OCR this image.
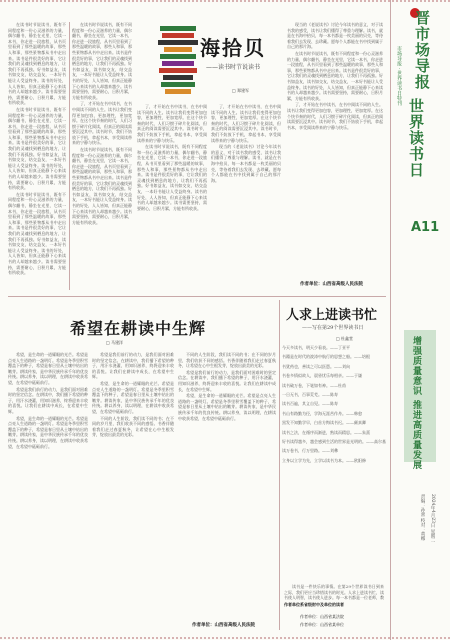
在读书时节说读书，既有不同程度和一份心灵滋养的力量，偶尔翻书，静坐在光里，它读一本书，你走进一段旅程，从书页里看到了那些温暖的故事，那些人和事，那些景物都从书中走出来。读书是件很美好的事，它让我们的灵魂找到栖息的地方，让我们不再孤独。好书如益友，读书如交友，结交益友，一本好书能让人受益终身。读书的好处，人人皆知，但真正能静下心来读书的人却越来越少。读书需要坚持，需要耐心，日积月累，方能有所收获。

在读书时节说读书，既有不同程度和一份心灵滋养的力量，偶尔翻书，静坐在光里，它读一本书，你走进一段旅程，从书页里看到了那些温暖的故事，那些人和事，那些景物都从书中走出来。读书是件很美好的事，它让我们的灵魂找到栖息的地方，让我们不再孤独。好书如益友，读书如交友，结交益友，一本好书能让人受益终身。读书的好处，人人皆知，但真正能静下心来读书的人却越来越少。读书需要坚持，需要耐心，日积月累，方能有所收获。

在读书时节说读书，既有不同程度和一份心灵滋养的力量，偶尔翻书，静坐在光里，它读一本书，你走进一段旅程，从书页里看到了那些温暖的故事，那些人和事，那些景物都从书中走出来。读书是件很美好的事，它让我们的灵魂找到栖息的地方，让我们不再孤独。好书如益友，读书如交友，结交益友，一本好书能让人受益终身。读书的好处，人人皆知，但真正能静下心来读书的人却越来越少。读书需要坚持，需要耐心，日积月累，方能有所收获。

在读书时节说读书，既有不同程度和一份心灵滋养的力量，偶尔翻书，静坐在光里，它读一本书，你走进一段旅程，从书页里看到了那些温暖的故事，那些人和事，那些景物都从书中走出来。读书是件很美好的事，它让我们的灵魂找到栖息的地方，让我们不再孤独。好书如益友，读书如交友，结交益友，一本好书能让人受益终身。读书的好处，人人皆知，但真正能静下心来读书的人却越来越少。读书需要坚持，需要耐心，日积月累，方能有所收获。

了，才开始在书中读书，在书中阅读不同的人生。读书让我们变得更加包容，更加理性，更加宽厚。在这个快节奏的时代，人们习惯于碎片化阅读，但真正的阅读需要沉浸其中。读书时节，我们不妨放下手机，拿起书本，享受阅读带来的宁静与快乐。

在读书时节说读书，既有不同程度和一份心灵滋养的力量，偶尔翻书，静坐在光里，它读一本书，你走进一段旅程，从书页里看到了那些温暖的故事，那些人和事，那些景物都从书中走出来。读书是件很美好的事，它让我们的灵魂找到栖息的地方，让我们不再孤独。好书如益友，读书如交友，结交益友，一本好书能让人受益终身。读书的好处，人人皆知，但真正能静下心来读书的人却越来越少。读书需要坚持，需要耐心，日积月累，方能有所收获。

海拾贝
——读书时节说读书
□ 郑建军

了，才开始在书中读书，在书中阅读不同的人生。读书让我们变得更加包容，更加理性，更加宽厚。在这个快节奏的时代，人们习惯于碎片化阅读，但真正的阅读需要沉浸其中。读书时节，我们不妨放下手机，拿起书本，享受阅读带来的宁静与快乐。

在读书时节说读书，既有不同程度和一份心灵滋养的力量，偶尔翻书，静坐在光里，它读一本书，你走进一段旅程，从书页里看到了那些温暖的故事，那些人和事，那些景物都从书中走出来。读书是件很美好的事，它让我们的灵魂找到栖息的地方，让我们不再孤独。好书如益友，读书如交友，结交益友，一本好书能让人受益终身。读书的好处，人人皆知，但真正能静下心来读书的人却越来越少。读书需要坚持，需要耐心，日积月累，方能有所收获。

了，才开始在书中读书，在书中阅读不同的人生。读书让我们变得更加包容，更加理性，更加宽厚。在这个快节奏的时代，人们习惯于碎片化阅读，但真正的阅读需要沉浸其中。读书时节，我们不妨放下手机，拿起书本，享受阅读带来的宁静与快乐。

现当的《老说读书》讨论今年读书的意义，对于读书我的感受，读书让我们懂得了尊重与理解。读书，就是在书海中拾贝，每一本书都是一枚美丽的贝壳，等待着我们去发现、去珍藏。愿每个人都能在书中找到属于自己的那片海。

现当的《老说读书》讨论今年读书的意义，对于读书我的感受，读书让我们懂得了尊重与理解。读书，就是在书海中拾贝，每一本书都是一枚美丽的贝壳，等待着我们去发现、去珍藏。愿每个人都能在书中找到属于自己的那片海。

在读书时节说读书，既有不同程度和一份心灵滋养的力量，偶尔翻书，静坐在光里，它读一本书，你走进一段旅程，从书页里看到了那些温暖的故事，那些人和事，那些景物都从书中走出来。读书是件很美好的事，它让我们的灵魂找到栖息的地方，让我们不再孤独。好书如益友，读书如交友，结交益友，一本好书能让人受益终身。读书的好处，人人皆知，但真正能静下心来读书的人却越来越少。读书需要坚持，需要耐心，日积月累，方能有所收获。

了，才开始在书中读书，在书中阅读不同的人生。读书让我们变得更加包容，更加理性，更加宽厚。在这个快节奏的时代，人们习惯于碎片化阅读，但真正的阅读需要沉浸其中。读书时节，我们不妨放下手机，拿起书本，享受阅读带来的宁静与快乐。

作者单位：山西省高级人民法院
希望在耕读中生辉
□ 马建洋

希望，是生命的一道耀眼的光芒。希望是点亮人生道路的一盏明灯。希望是冬季里积雪覆盖下的种子，希望是春日里从土壤中钻出的嫩芽。耕读传家，是中华民族传承千年的优良传统。耕以养身，读以明理，在耕读中收获希望，在希望中砥砺前行。

希望是我们前行的动力，是我们面对困难时的坚定信念。在耕读中，我们播下希望的种子，用汗水浇灌，用知识滋养，终将迎来丰收的喜悦。让我们在耕读中成长，在希望中生辉。

希望，是生命的一道耀眼的光芒。希望是点亮人生道路的一盏明灯。希望是冬季里积雪覆盖下的种子，希望是春日里从土壤中钻出的嫩芽。耕读传家，是中华民族传承千年的优良传统。耕以养身，读以明理，在耕读中收获希望，在希望中砥砺前行。

希望是我们前行的动力，是我们面对困难时的坚定信念。在耕读中，我们播下希望的种子，用汗水浇灌，用知识滋养，终将迎来丰收的喜悦。让我们在耕读中成长，在希望中生辉。

希望，是生命的一道耀眼的光芒。希望是点亮人生道路的一盏明灯。希望是冬季里积雪覆盖下的种子，希望是春日里从土壤中钻出的嫩芽。耕读传家，是中华民族传承千年的优良传统。耕以养身，读以明理，在耕读中收获希望，在希望中砥砺前行。

不同的人生阶段，我们读不同的书；在不同的岁月里，我们收获不同的感悟。书香伴随着我们走过春夏秋冬，让希望在心中生根发芽，绽放出最美的光彩。

不同的人生阶段，我们读不同的书；在不同的岁月里，我们收获不同的感悟。书香伴随着我们走过春夏秋冬，让希望在心中生根发芽，绽放出最美的光彩。

希望是我们前行的动力，是我们面对困难时的坚定信念。在耕读中，我们播下希望的种子，用汗水浇灌，用知识滋养，终将迎来丰收的喜悦。让我们在耕读中成长，在希望中生辉。

希望，是生命的一道耀眼的光芒。希望是点亮人生道路的一盏明灯。希望是冬季里积雪覆盖下的种子，希望是春日里从土壤中钻出的嫩芽。耕读传家，是中华民族传承千年的优良传统。耕以养身，读以明理，在耕读中收获希望，在希望中砥砺前行。

作者单位：山西省高级人民法院
人求上进读书忙
——写在第29个世界读书日
□ 杜鑫堂
今天多读书，明天少看表。——丁亚平
书籍是在时代的波涛中航行的思想之船。——培根
书犹药也，善读之可以医愚。——刘向
书卷多情似故人，晨昏忧乐每相亲。——于谦
读书破万卷，下笔如有神。——杜甫
一日无书，百事荒芜。——陈寿
读书百遍，其义自见。——陈寿
书山有路勤为径，学海无涯苦作舟。——韩愈
黑发不知勤学早，白首方悔读书迟。——颜真卿
读书之法，在循序而渐进，熟读而精思。——朱熹
好书读得越多，越会感到生活的世界是光明的。——高尔基
读万卷书，行万里路。——刘彝
立身以立学为先，立学以读书为本。——欧阳修
作者单位系省级财中及单位的读者

读书是一件快乐的事情。在第29个世界读书日到来之际，我们更应当珍惜读书的时光。人求上进读书忙，读书使人明智，读书使人进步。每一本书都是一位老师，教

作者单位：山西省某法院
作者单位：山西省某单位
晋市场导报
市场导报 · 世界读书日特刊
世界读书日
A11
增强质量意识 推进高质量发展
责编：孙蕾 校对：黄娜	2024年4月23日 星期二
